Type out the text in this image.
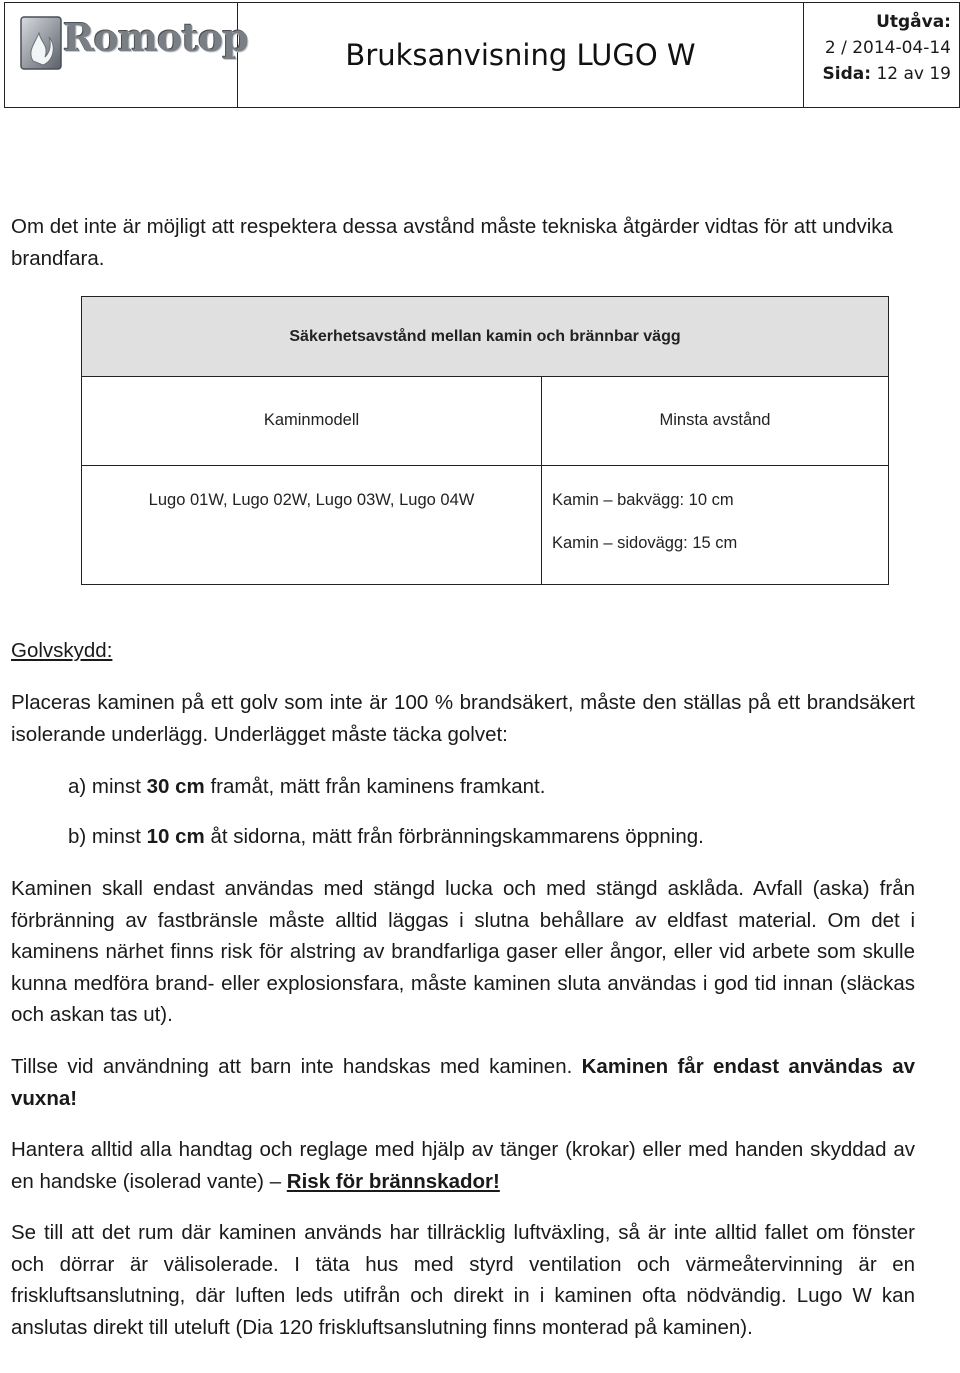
Romotop	Bruksanvisning LUGO W
Utgåva:
2 / 2014-04-14
Sida: 12 av 19
Om det inte är möjligt att respektera dessa avstånd måste tekniska åtgärder vidtas för att undvika brandfara.
Säkerhetsavstånd mellan kamin och brännbar vägg
Kaminmodell	Minsta avstånd
Lugo 01W, Lugo 02W, Lugo 03W, Lugo 04W	Kamin – bakvägg: 10 cm
Kamin – sidovägg: 15 cm
Golvskydd:
Placeras kaminen på ett golv som inte är 100 % brandsäkert, måste den ställas på ett brandsäkert isolerande underlägg. Underlägget måste täcka golvet:
a) minst 30 cm framåt, mätt från kaminens framkant.
b) minst 10 cm åt sidorna, mätt från förbränningskammarens öppning.
Kaminen skall endast användas med stängd lucka och med stängd asklåda. Avfall (aska) från förbränning av fastbränsle måste alltid läggas i slutna behållare av eldfast material. Om det i kaminens närhet finns risk för alstring av brandfarliga gaser eller ångor, eller vid arbete som skulle kunna medföra brand- eller explosionsfara, måste kaminen sluta användas i god tid innan (släckas och askan tas ut).
Tillse vid användning att barn inte handskas med kaminen. Kaminen får endast användas av vuxna!
Hantera alltid alla handtag och reglage med hjälp av tänger (krokar) eller med handen skyddad av en handske (isolerad vante) – Risk för brännskador!
Se till att det rum där kaminen används har tillräcklig luftväxling, så är inte alltid fallet om fönster och dörrar är välisolerade. I täta hus med styrd ventilation och värmeåtervinning är en friskluftsanslutning, där luften leds utifrån och direkt in i kaminen ofta nödvändig. Lugo W kan anslutas direkt till uteluft (Dia 120 friskluftsanslutning finns monterad på kaminen).
